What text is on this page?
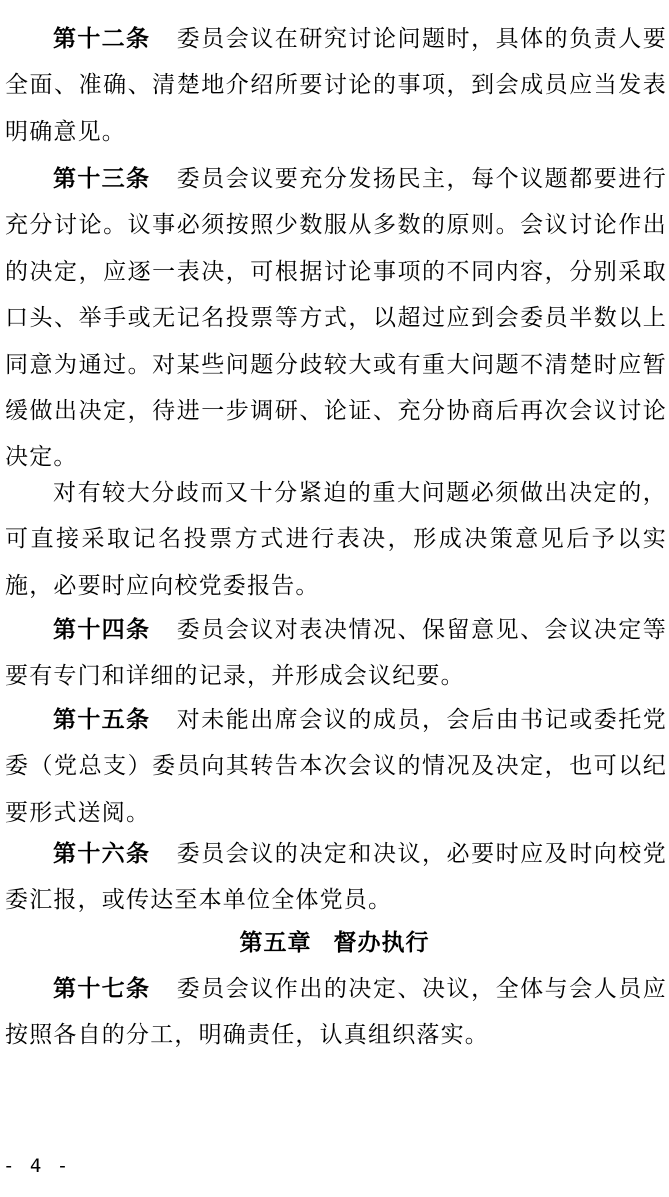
第十二条 委员会议在研究讨论问题时，具体的负责人要全面、准确、清楚地介绍所要讨论的事项，到会成员应当发表明确意见。

第十三条 委员会议要充分发扬民主，每个议题都要进行充分讨论。议事必须按照少数服从多数的原则。会议讨论作出的决定，应逐一表决，可根据讨论事项的不同内容，分别采取口头、举手或无记名投票等方式，以超过应到会委员半数以上同意为通过。对某些问题分歧较大或有重大问题不清楚时应暂缓做出决定，待进一步调研、论证、充分协商后再次会议讨论决定。

对有较大分歧而又十分紧迫的重大问题必须做出决定的，可直接采取记名投票方式进行表决，形成决策意见后予以实施，必要时应向校党委报告。

第十四条 委员会议对表决情况、保留意见、会议决定等要有专门和详细的记录，并形成会议纪要。

第十五条 对未能出席会议的成员，会后由书记或委托党委（党总支）委员向其转告本次会议的情况及决定，也可以纪要形式送阅。

第十六条 委员会议的决定和决议，必要时应及时向校党委汇报，或传达至本单位全体党员。

第五章 督办执行

第十七条 委员会议作出的决定、决议，全体与会人员应按照各自的分工，明确责任，认真组织落实。

- 4 -
